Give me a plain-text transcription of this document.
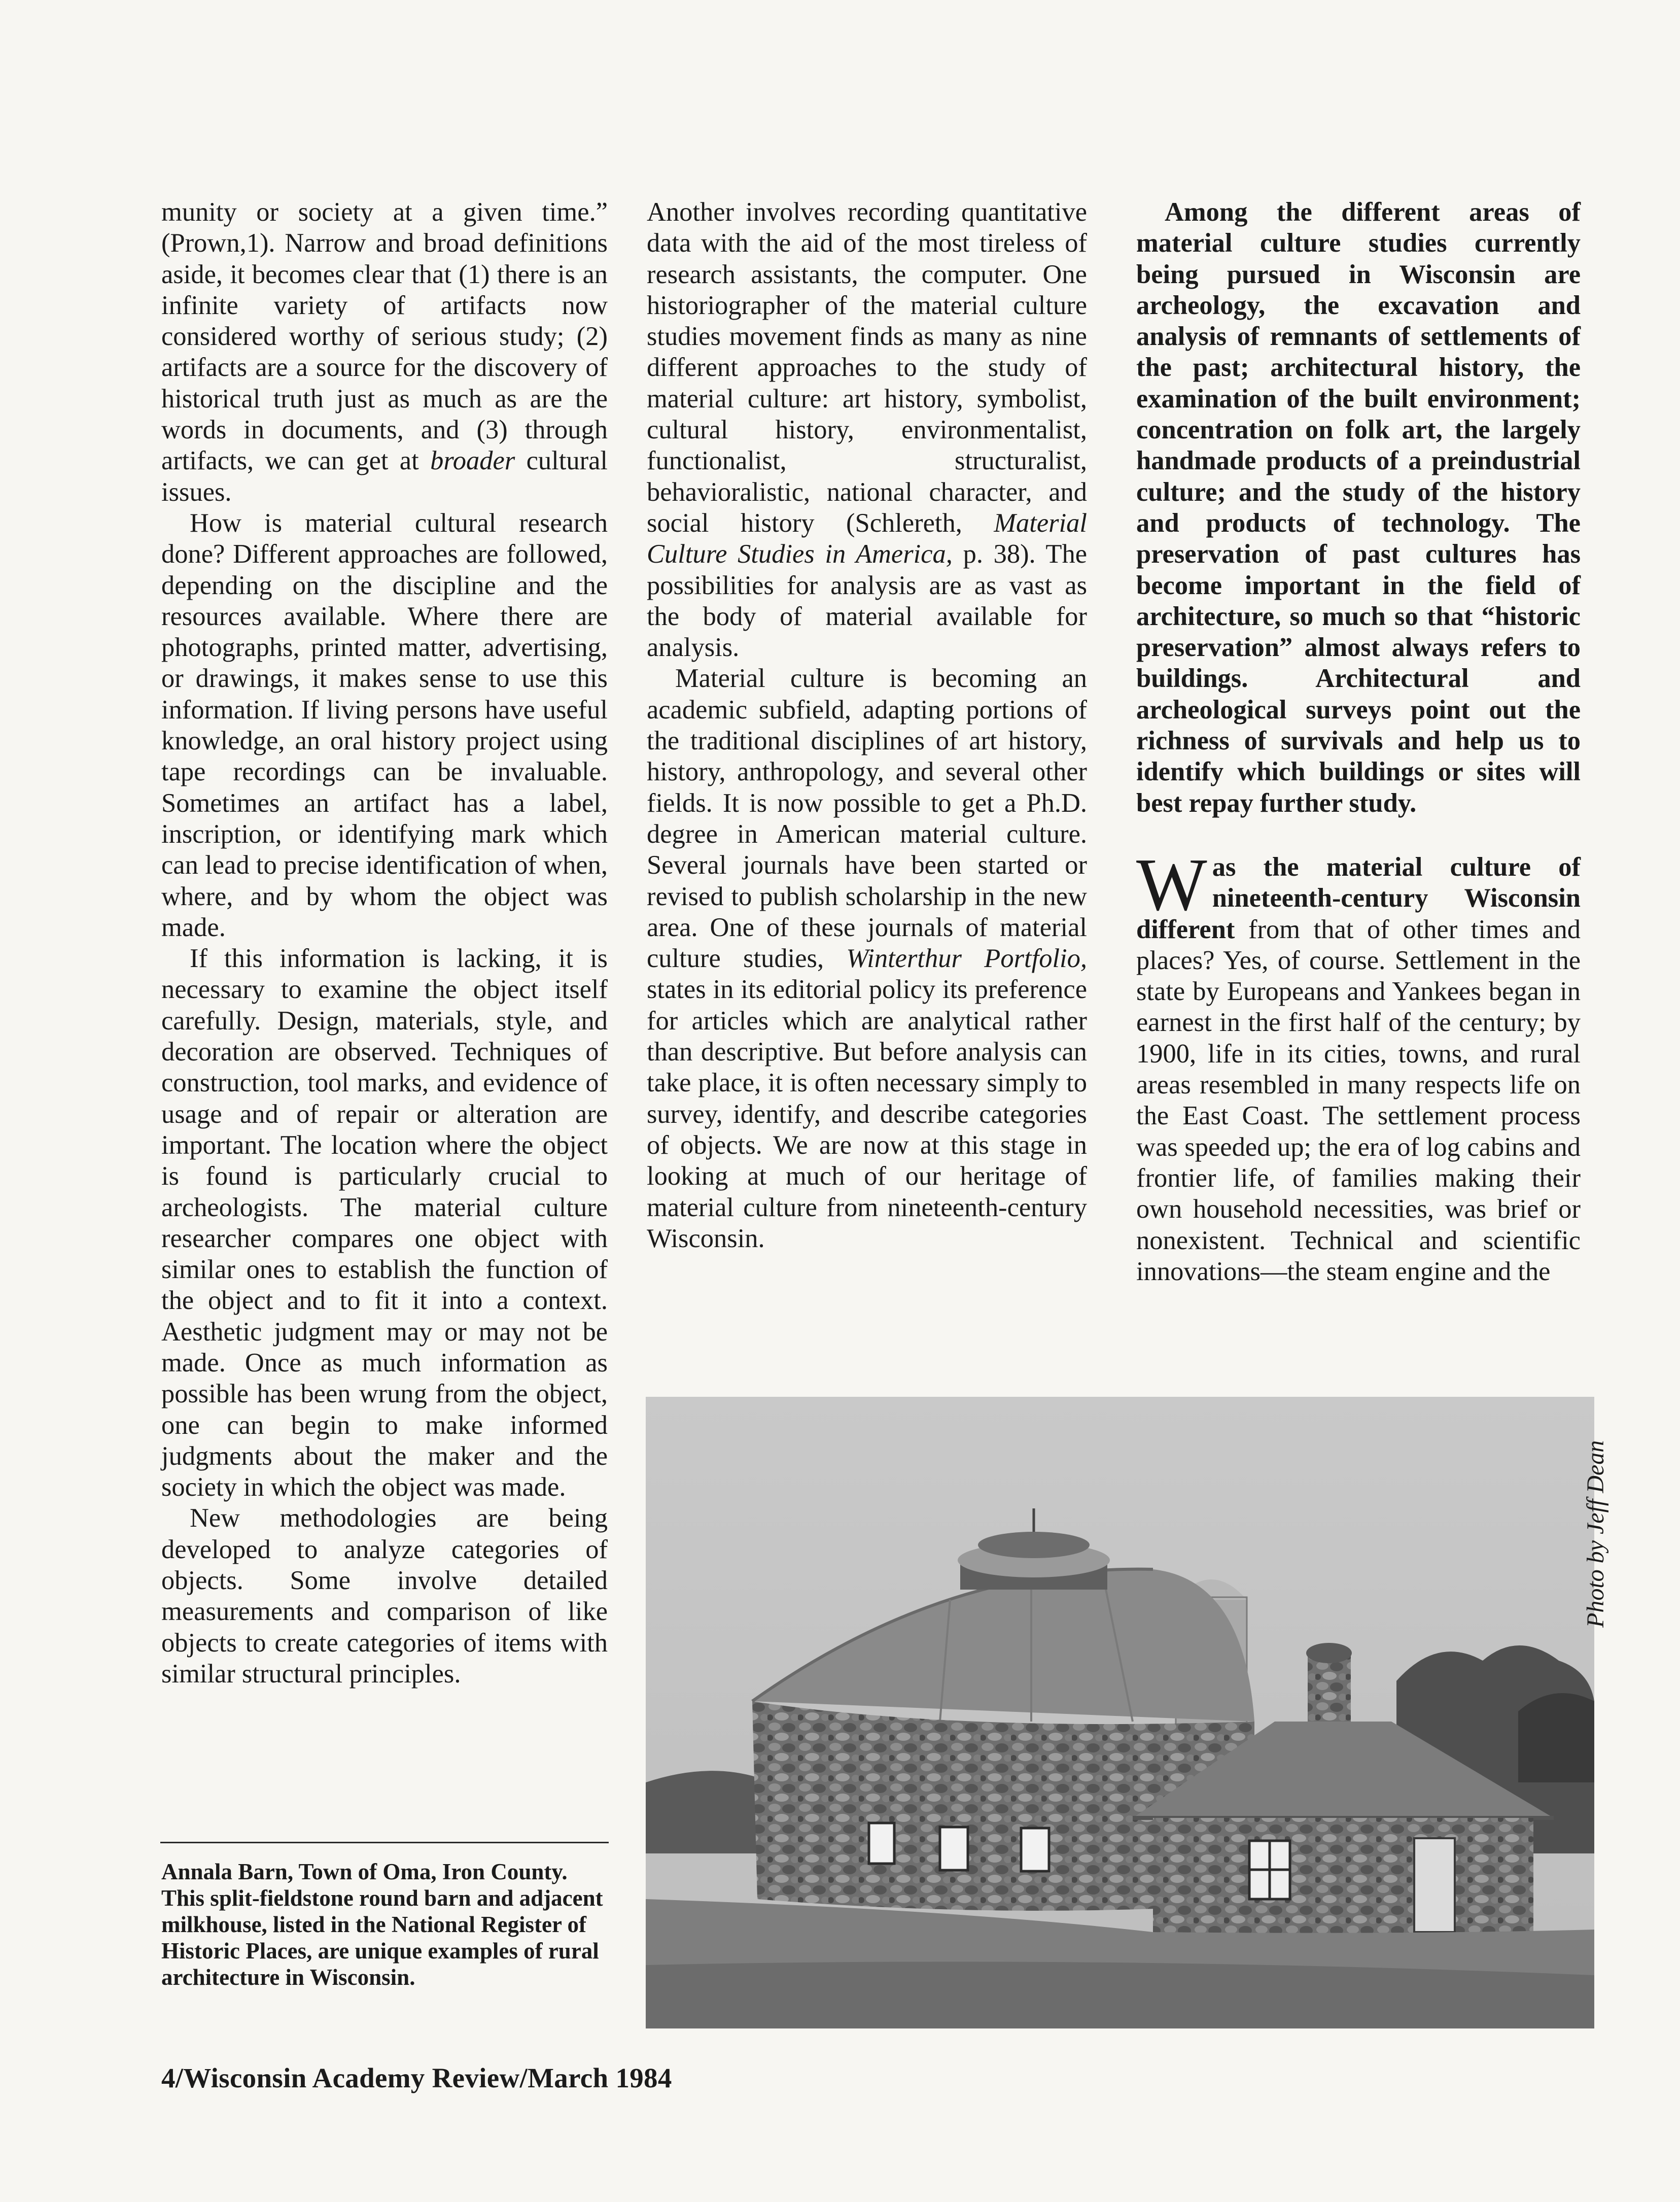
munity or society at a given time.” (Prown,1). Narrow and broad definitions aside, it becomes clear that (1) there is an infinite variety of artifacts now considered worthy of serious study; (2) artifacts are a source for the discovery of historical truth just as much as are the words in documents, and (3) through artifacts, we can get at broader cultural issues.

How is material cultural research done? Different approaches are followed, depending on the discipline and the resources available. Where there are photographs, printed matter, advertising, or drawings, it makes sense to use this information. If living persons have useful knowledge, an oral history project using tape recordings can be invaluable. Sometimes an artifact has a label, inscription, or identifying mark which can lead to precise identification of when, where, and by whom the object was made.

If this information is lacking, it is necessary to examine the object itself carefully. Design, materials, style, and decoration are observed. Techniques of construction, tool marks, and evidence of usage and of repair or alteration are important. The location where the object is found is particularly crucial to archeologists. The material culture researcher compares one object with similar ones to establish the function of the object and to fit it into a context. Aesthetic judgment may or may not be made. Once as much information as possible has been wrung from the object, one can begin to make informed judgments about the maker and the society in which the object was made.

New methodologies are being developed to analyze categories of objects. Some involve detailed measurements and comparison of like objects to create categories of items with similar structural principles.

Another involves recording quantitative data with the aid of the most tireless of research assistants, the computer. One historiographer of the material culture studies movement finds as many as nine different approaches to the study of material culture: art history, symbolist, cultural history, environmentalist, functionalist, structuralist, behavioralistic, national character, and social history (Schlereth, Material Culture Studies in America, p. 38). The possibilities for analysis are as vast as the body of material available for analysis.

Material culture is becoming an academic subfield, adapting portions of the traditional disciplines of art history, history, anthropology, and several other fields. It is now possible to get a Ph.D. degree in American material culture. Several journals have been started or revised to publish scholarship in the new area. One of these journals of material culture studies, Winterthur Portfolio, states in its editorial policy its preference for articles which are analytical rather than descriptive. But before analysis can take place, it is often necessary simply to survey, identify, and describe categories of objects. We are now at this stage in looking at much of our heritage of material culture from nineteenth-century Wisconsin.

Among the different areas of material culture studies currently being pursued in Wisconsin are archeology, the excavation and analysis of remnants of settlements of the past; architectural history, the examination of the built environment; concentration on folk art, the largely handmade products of a preindustrial culture; and the study of the history and products of technology. The preservation of past cultures has become important in the field of architecture, so much so that “historic preservation” almost always refers to buildings. Architectural and archeological surveys point out the richness of survivals and help us to identify which buildings or sites will best repay further study.

Was the material culture of nineteenth-century Wisconsin different from that of other times and places? Yes, of course. Settlement in the state by Europeans and Yankees began in earnest in the first half of the century; by 1900, life in its cities, towns, and rural areas resembled in many respects life on the East Coast. The settlement process was speeded up; the era of log cabins and frontier life, of families making their own household necessities, was brief or nonexistent. Technical and scientific innovations—the steam engine and the

Annala Barn, Town of Oma, Iron County. This split-fieldstone round barn and adjacent milkhouse, listed in the National Register of Historic Places, are unique examples of rural architecture in Wisconsin.
Photo by Jeff Dean
4/Wisconsin Academy Review/March 1984
